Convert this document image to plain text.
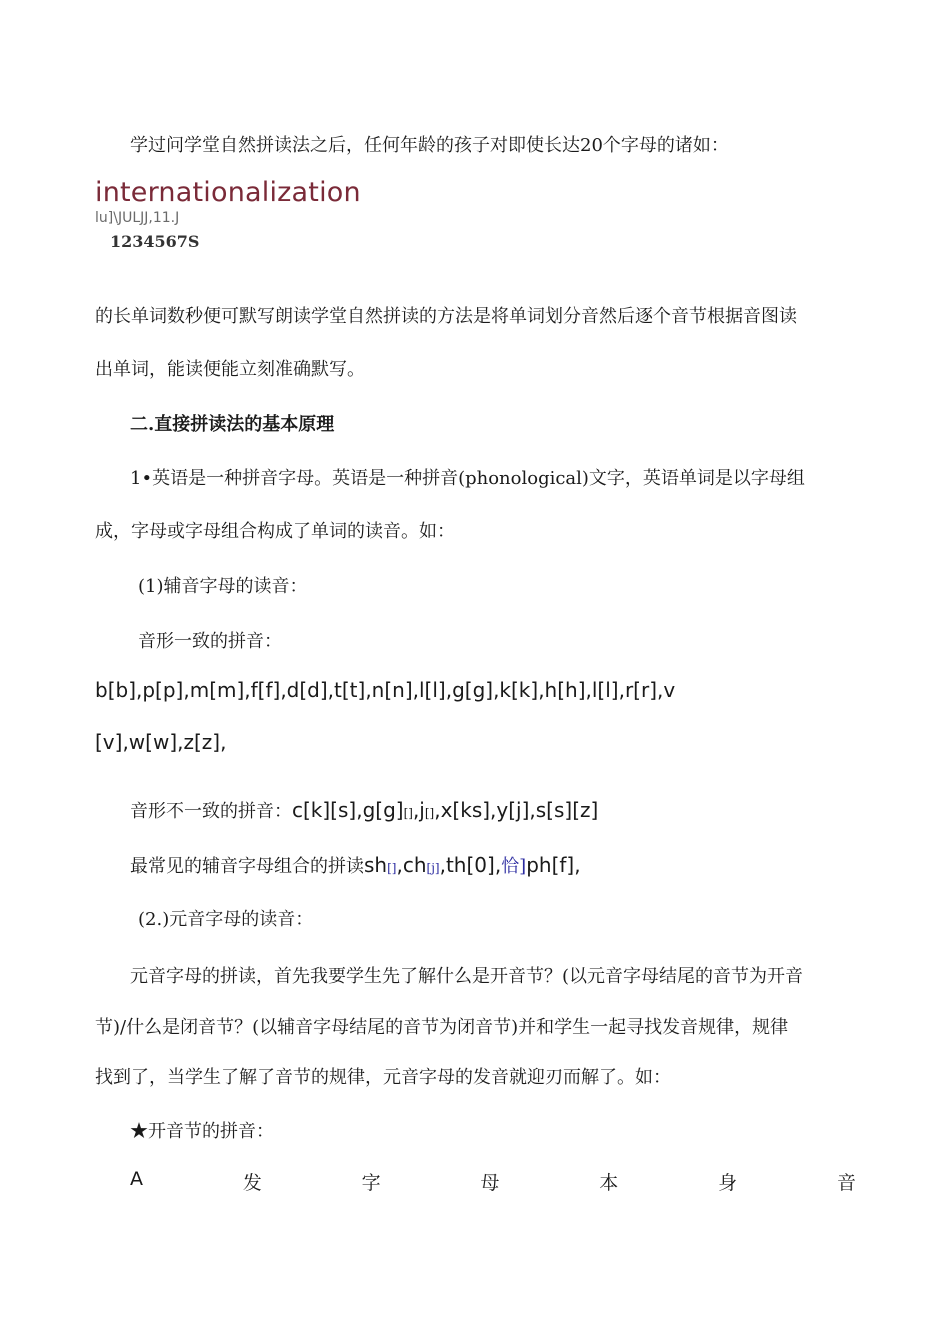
学过问学堂自然拼读法之后，任何年龄的孩子对即使长达20个字母的诸如：
internationalization
lu]\JULJJ,11.J
1234567S
的长单词数秒便可默写朗读学堂自然拼读的方法是将单词划分音然后逐个音节根据音图读
出单词，能读便能立刻准确默写。
二.直接拼读法的基本原理
1•英语是一种拼音字母。英语是一种拼音(phonological)文字，英语单词是以字母组
成，字母或字母组合构成了单词的读音。如：
(1)辅音字母的读音：
音形一致的拼音：
b[b],p[p],m[m],f[f],d[d],t[t],n[n],l[l],g[g],k[k],h[h],l[l],r[r],v
[v],w[w],z[z],
音形不一致的拼音：c[k][s],g[g][],j[],x[ks],y[j],s[s][z]
最常见的辅音字母组合的拼读sh[],ch[j],th[0],恰]ph[f],
(2.)元音字母的读音：
元音字母的拼读，首先我要学生先了解什么是开音节？(以元音字母结尾的音节为开音
节)/什么是闭音节？(以辅音字母结尾的音节为闭音节)并和学生一起寻找发音规律，规律
找到了，当学生了解了音节的规律，元音字母的发音就迎刃而解了。如：
★开音节的拼音：
A	发	字	母	本	身	音
